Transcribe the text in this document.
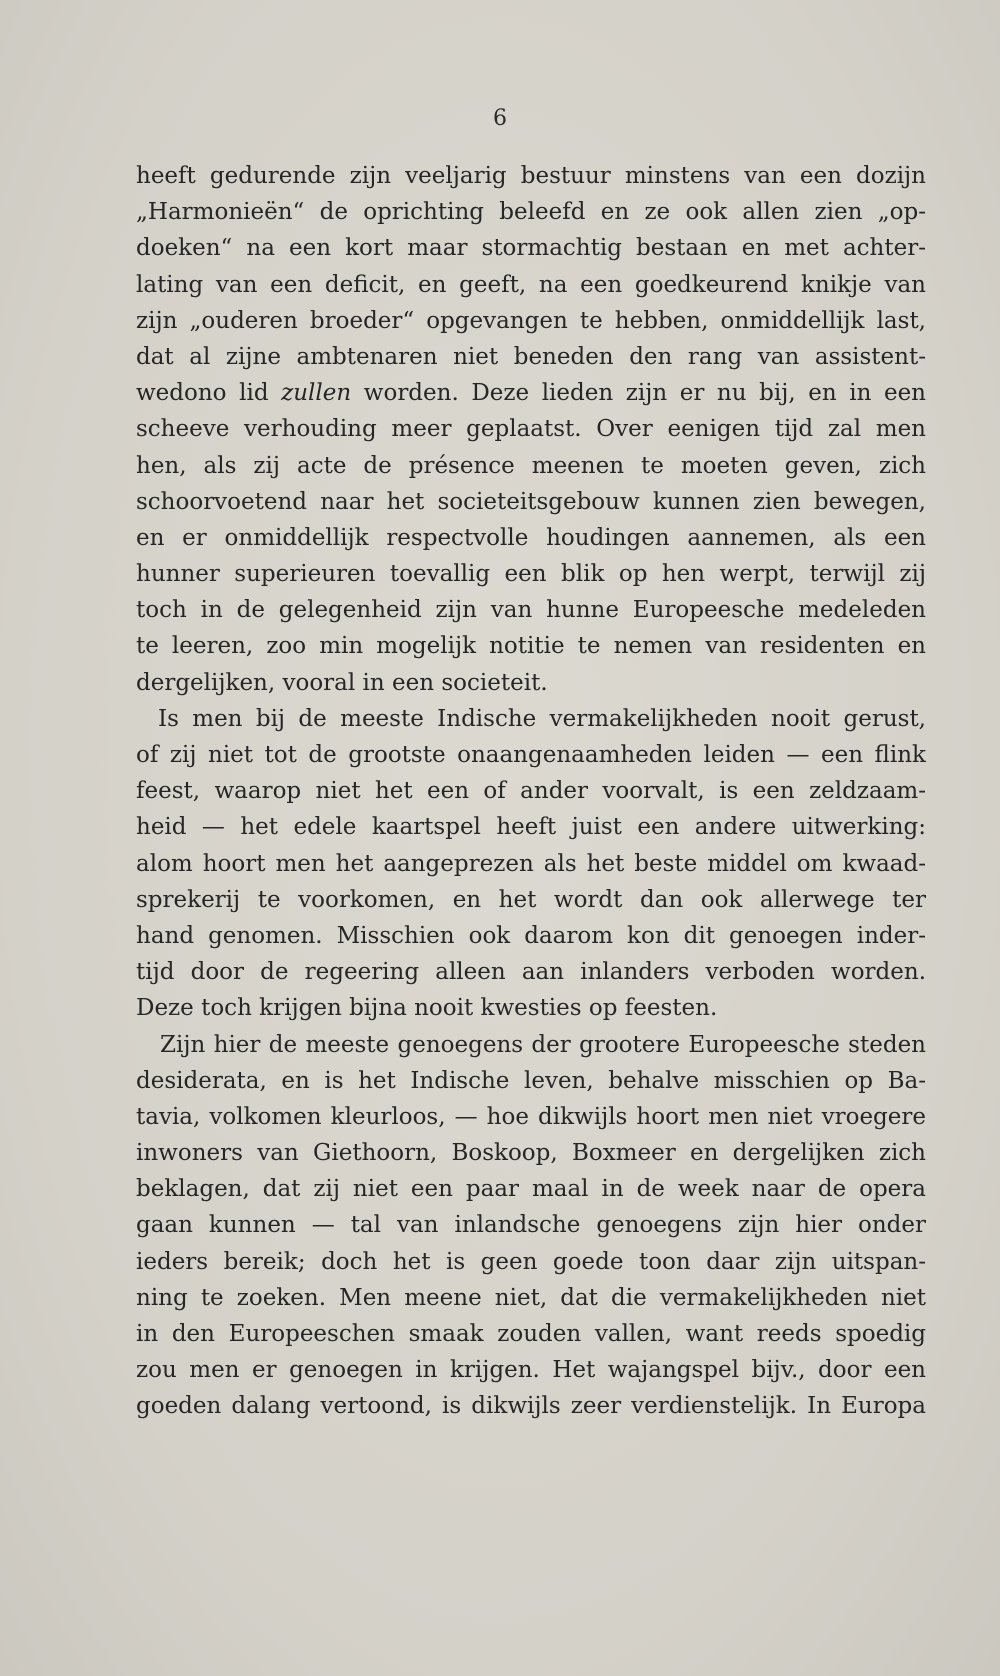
6
heeft gedurende zijn veeljarig bestuur minstens van een dozijn
„Harmonieën“ de oprichting beleefd en ze ook allen zien „op-
doeken“ na een kort maar stormachtig bestaan en met achter-
lating van een deficit, en geeft, na een goedkeurend knikje van
zijn „ouderen broeder“ opgevangen te hebben, onmiddellijk last,
dat al zijne ambtenaren niet beneden den rang van assistent-
wedono lid zullen worden. Deze lieden zijn er nu bij, en in een
scheeve verhouding meer geplaatst. Over eenigen tijd zal men
hen, als zij acte de présence meenen te moeten geven, zich
schoorvoetend naar het societeitsgebouw kunnen zien bewegen,
en er onmiddellijk respectvolle houdingen aannemen, als een
hunner superieuren toevallig een blik op hen werpt, terwijl zij
toch in de gelegenheid zijn van hunne Europeesche medeleden
te leeren, zoo min mogelijk notitie te nemen van residenten en
dergelijken, vooral in een societeit.
Is men bij de meeste Indische vermakelijkheden nooit gerust,
of zij niet tot de grootste onaangenaamheden leiden — een flink
feest, waarop niet het een of ander voorvalt, is een zeldzaam-
heid — het edele kaartspel heeft juist een andere uitwerking:
alom hoort men het aangeprezen als het beste middel om kwaad-
sprekerij te voorkomen, en het wordt dan ook allerwege ter
hand genomen. Misschien ook daarom kon dit genoegen inder-
tijd door de regeering alleen aan inlanders verboden worden.
Deze toch krijgen bijna nooit kwesties op feesten.
Zijn hier de meeste genoegens der grootere Europeesche steden
desiderata, en is het Indische leven, behalve misschien op Ba-
tavia, volkomen kleurloos, — hoe dikwijls hoort men niet vroegere
inwoners van Giethoorn, Boskoop, Boxmeer en dergelijken zich
beklagen, dat zij niet een paar maal in de week naar de opera
gaan kunnen — tal van inlandsche genoegens zijn hier onder
ieders bereik; doch het is geen goede toon daar zijn uitspan-
ning te zoeken. Men meene niet, dat die vermakelijkheden niet
in den Europeeschen smaak zouden vallen, want reeds spoedig
zou men er genoegen in krijgen. Het wajangspel bijv., door een
goeden dalang vertoond, is dikwijls zeer verdienstelijk. In Europa
